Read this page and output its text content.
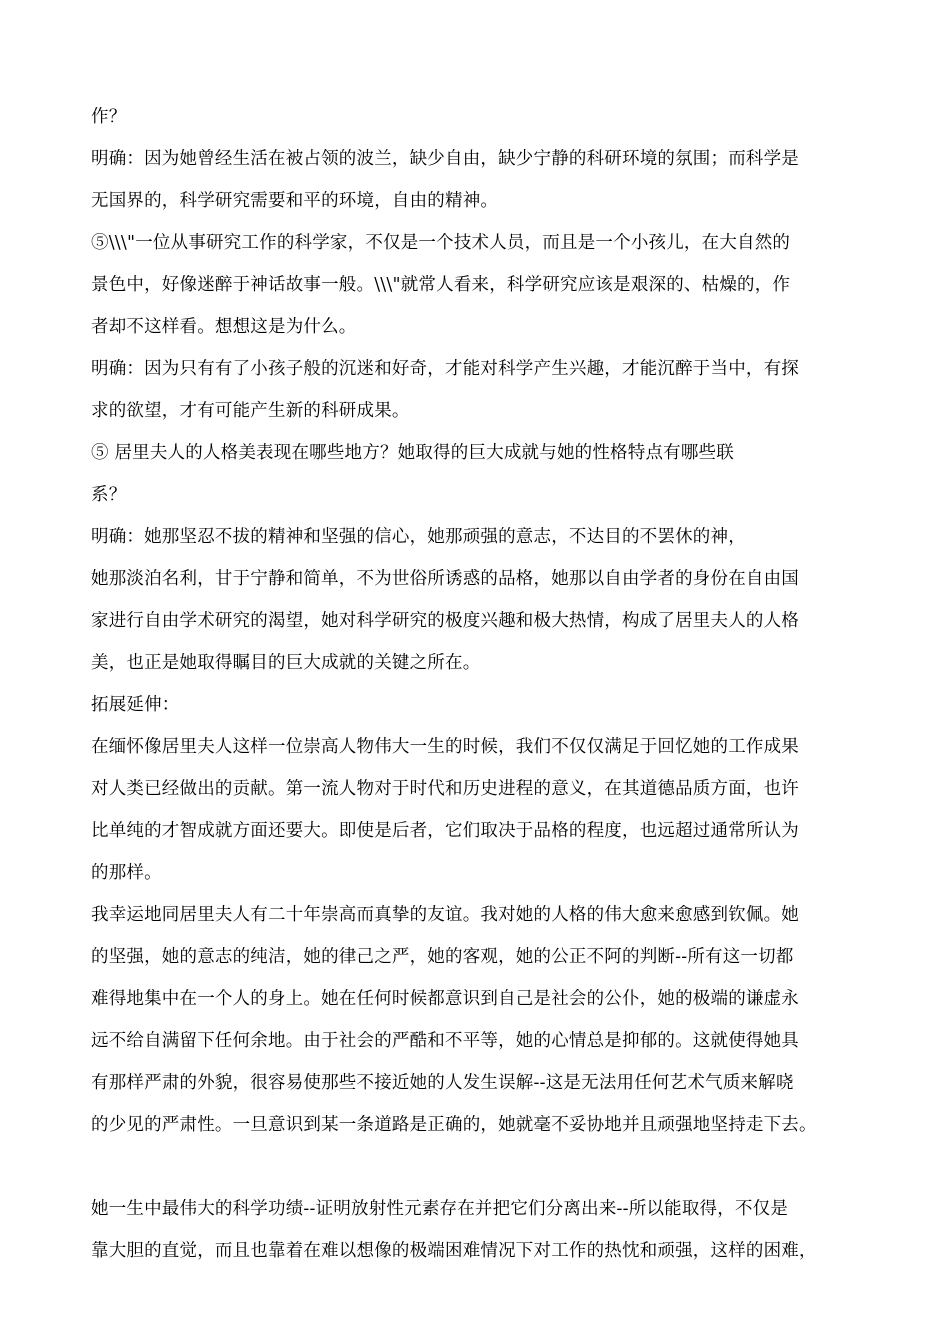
作？
明确：因为她曾经生活在被占领的波兰，缺少自由，缺少宁静的科研环境的氛围；而科学是
无国界的，科学研究需要和平的环境，自由的精神。
⑤\\\"一位从事研究工作的科学家，不仅是一个技术人员，而且是一个小孩儿，在大自然的
景色中，好像迷醉于神话故事一般。\\\"就常人看来，科学研究应该是艰深的、枯燥的，作
者却不这样看。想想这是为什么。
明确：因为只有有了小孩子般的沉迷和好奇，才能对科学产生兴趣，才能沉醉于当中，有探
求的欲望，才有可能产生新的科研成果。
⑤ 居里夫人的人格美表现在哪些地方？她取得的巨大成就与她的性格特点有哪些联
系？
明确：她那坚忍不拔的精神和坚强的信心，她那顽强的意志，不达目的不罢休的神，
她那淡泊名利，甘于宁静和简单，不为世俗所诱惑的品格，她那以自由学者的身份在自由国
家进行自由学术研究的渴望，她对科学研究的极度兴趣和极大热情，构成了居里夫人的人格
美，也正是她取得瞩目的巨大成就的关键之所在。
拓展延伸：
在缅怀像居里夫人这样一位崇高人物伟大一生的时候，我们不仅仅满足于回忆她的工作成果
对人类已经做出的贡献。第一流人物对于时代和历史进程的意义，在其道德品质方面，也许
比单纯的才智成就方面还要大。即使是后者，它们取决于品格的程度，也远超过通常所认为
的那样。
我幸运地同居里夫人有二十年崇高而真挚的友谊。我对她的人格的伟大愈来愈感到钦佩。她
的坚强，她的意志的纯洁，她的律己之严，她的客观，她的公正不阿的判断--所有这一切都
难得地集中在一个人的身上。她在任何时候都意识到自己是社会的公仆，她的极端的谦虚永
远不给自满留下任何余地。由于社会的严酷和不平等，她的心情总是抑郁的。这就使得她具
有那样严肃的外貌，很容易使那些不接近她的人发生误解--这是无法用任何艺术气质来解哓
的少见的严肃性。一旦意识到某一条道路是正确的，她就毫不妥协地并且顽强地坚持走下去。
她一生中最伟大的科学功绩--证明放射性元素存在并把它们分离出来--所以能取得，不仅是
靠大胆的直觉，而且也靠着在难以想像的极端困难情况下对工作的热忱和顽强，这样的困难，
